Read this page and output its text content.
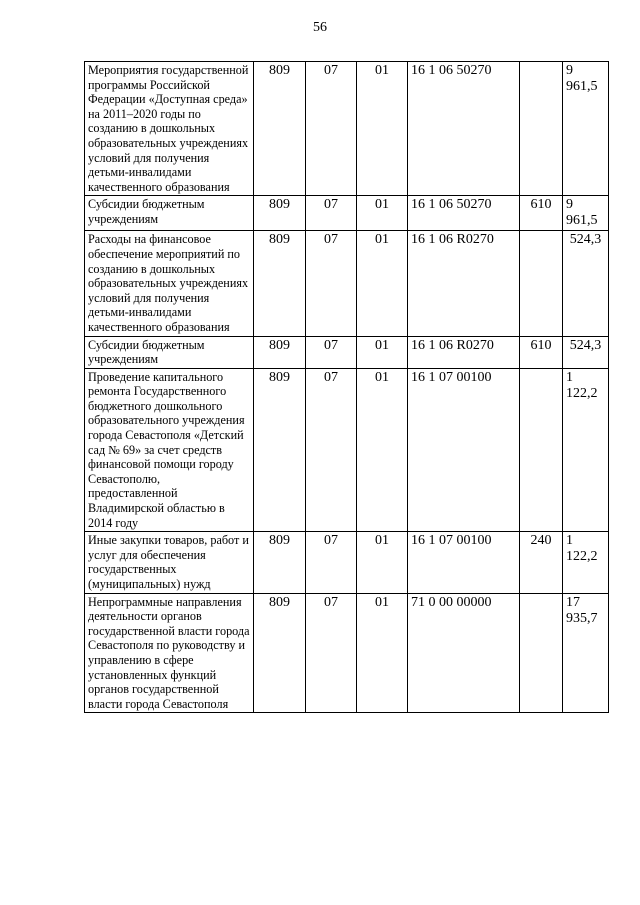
56
Мероприятия государственной программы Российской Федерации «Доступная среда» на 2011–2020 годы по созданию в дошкольных образовательных учреждениях условий для получения детьми-инвалидами качественного образования	809	07	01	16 1 06 50270		9 961,5
Субсидии бюджетным учреждениям	809	07	01	16 1 06 50270	610	9 961,5
Расходы на финансовое обеспечение мероприятий по созданию в дошкольных образовательных учреждениях условий для получения детьми-инвалидами качественного образования	809	07	01	16 1 06 R0270		524,3
Субсидии бюджетным учреждениям	809	07	01	16 1 06 R0270	610	524,3
Проведение капитального ремонта Государственного бюджетного дошкольного образовательного учреждения города Севастополя «Детский сад № 69» за счет средств финансовой помощи городу Севастополю, предоставленной Владимирской областью в 2014 году	809	07	01	16 1 07 00100		1 122,2
Иные закупки товаров, работ и услуг для обеспечения государственных (муниципальных) нужд	809	07	01	16 1 07 00100	240	1 122,2
Непрограммные направления деятельности органов государственной власти города Севастополя по руководству и управлению в сфере установленных функций органов государственной власти города Севастополя	809	07	01	71 0 00 00000		17 935,7
